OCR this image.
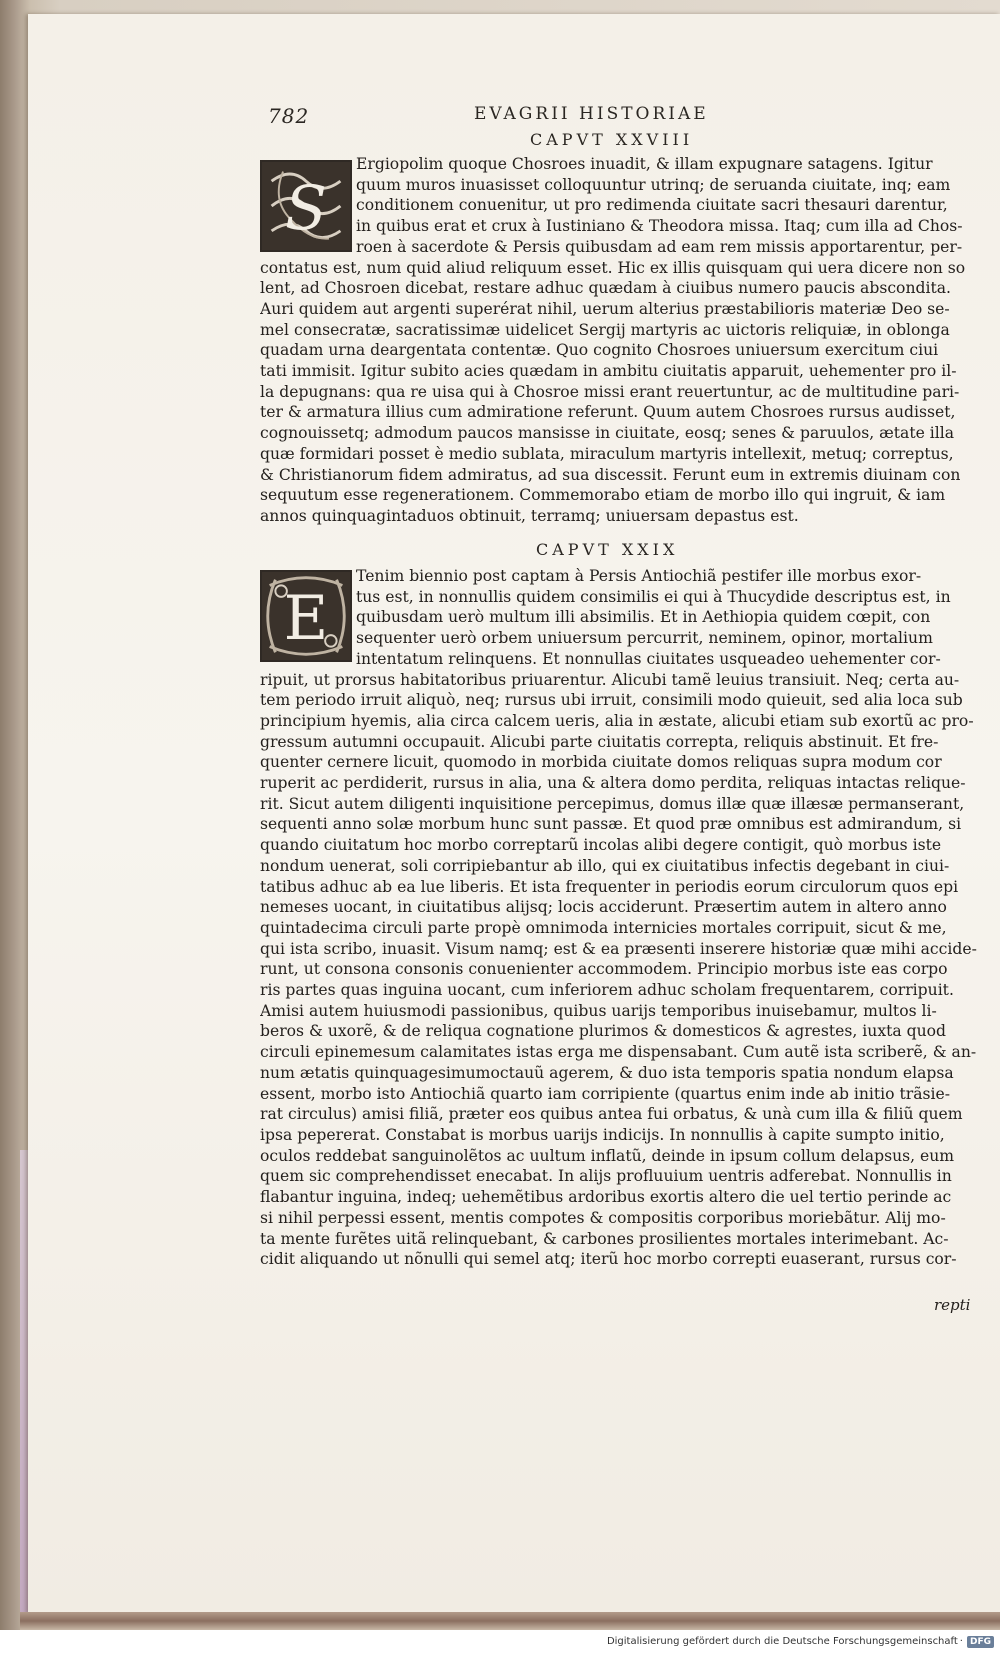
782	EVAGRII HISTORIAE
CAPVT XXVIII
S
Ergiopolim quoque Chosroes inuadit, & illam expugnare satagens. Igitur
quum muros inuasisset colloquuntur utrinq; de seruanda ciuitate, inq; eam
conditionem conuenitur, ut pro redimenda ciuitate sacri thesauri darentur,
in quibus erat et crux à Iustiniano & Theodora missa. Itaq; cum illa ad Chos-
roen à sacerdote & Persis quibusdam ad eam rem missis apportarentur, per-
contatus est, num quid aliud reliquum esset. Hic ex illis quisquam qui uera dicere non so
lent, ad Chosroen dicebat, restare adhuc quædam à ciuibus numero paucis abscondita.
Auri quidem aut argenti superérat nihil, uerum alterius præstabilioris materiæ Deo se-
mel consecratæ, sacratissimæ uidelicet Sergij martyris ac uictoris reliquiæ, in oblonga
quadam urna deargentata contentæ. Quo cognito Chosroes uniuersum exercitum ciui
tati immisit. Igitur subito acies quædam in ambitu ciuitatis apparuit, uehementer pro il-
la depugnans: qua re uisa qui à Chosroe missi erant reuertuntur, ac de multitudine pari-
ter & armatura illius cum admiratione referunt. Quum autem Chosroes rursus audisset,
cognouissetq; admodum paucos mansisse in ciuitate, eosq; senes & paruulos, ætate illa
quæ formidari posset è medio sublata, miraculum martyris intellexit, metuq; correptus,
& Christianorum fidem admiratus, ad sua discessit. Ferunt eum in extremis diuinam con
sequutum esse regenerationem. Commemorabo etiam de morbo illo qui ingruit, & iam
annos quinquagintaduos obtinuit, terramq; uniuersam depastus est.
CAPVT XXIX
E
Tenim biennio post captam à Persis Antiochiã pestifer ille morbus exor-
tus est, in nonnullis quidem consimilis ei qui à Thucydide descriptus est, in
quibusdam uerò multum illi absimilis. Et in Aethiopia quidem cœpit, con
sequenter uerò orbem uniuersum percurrit, neminem, opinor, mortalium
intentatum relinquens. Et nonnullas ciuitates usqueadeo uehementer cor-
ripuit, ut prorsus habitatoribus priuarentur. Alicubi tamẽ leuius transiuit. Neq; certa au-
tem periodo irruit aliquò, neq; rursus ubi irruit, consimili modo quieuit, sed alia loca sub
principium hyemis, alia circa calcem ueris, alia in æstate, alicubi etiam sub exortũ ac pro-
gressum autumni occupauit. Alicubi parte ciuitatis correpta, reliquis abstinuit. Et fre-
quenter cernere licuit, quomodo in morbida ciuitate domos reliquas supra modum cor
ruperit ac perdiderit, rursus in alia, una & altera domo perdita, reliquas intactas relique-
rit. Sicut autem diligenti inquisitione percepimus, domus illæ quæ illæsæ permanserant,
sequenti anno solæ morbum hunc sunt passæ. Et quod præ omnibus est admirandum, si
quando ciuitatum hoc morbo correptarũ incolas alibi degere contigit, quò morbus iste
nondum uenerat, soli corripiebantur ab illo, qui ex ciuitatibus infectis degebant in ciui-
tatibus adhuc ab ea lue liberis. Et ista frequenter in periodis eorum circulorum quos epi
nemeses uocant, in ciuitatibus alijsq; locis acciderunt. Præsertim autem in altero anno
quintadecima circuli parte propè omnimoda internicies mortales corripuit, sicut & me,
qui ista scribo, inuasit. Visum namq; est & ea præsenti inserere historiæ quæ mihi accide-
runt, ut consona consonis conuenienter accommodem. Principio morbus iste eas corpo
ris partes quas inguina uocant, cum inferiorem adhuc scholam frequentarem, corripuit.
Amisi autem huiusmodi passionibus, quibus uarijs temporibus inuisebamur, multos li-
beros & uxorẽ, & de reliqua cognatione plurimos & domesticos & agrestes, iuxta quod
circuli epinemesum calamitates istas erga me dispensabant. Cum autẽ ista scriberẽ, & an-
num ætatis quinquagesimumoctauũ agerem, & duo ista temporis spatia nondum elapsa
essent, morbo isto Antiochiã quarto iam corripiente (quartus enim inde ab initio trãsie-
rat circulus) amisi filiã, præter eos quibus antea fui orbatus, & unà cum illa & filiũ quem
ipsa pepererat. Constabat is morbus uarijs indicijs. In nonnullis à capite sumpto initio,
oculos reddebat sanguinolẽtos ac uultum inflatũ, deinde in ipsum collum delapsus, eum
quem sic comprehendisset enecabat. In alijs profluuium uentris adferebat. Nonnullis in
flabantur inguina, indeq; uehemẽtibus ardoribus exortis altero die uel tertio perinde ac
si nihil perpessi essent, mentis compotes & compositis corporibus moriebãtur. Alij mo-
ta mente furẽtes uitã relinquebant, & carbones prosilientes mortales interimebant. Ac-
cidit aliquando ut nõnulli qui semel atq; iterũ hoc morbo correpti euaserant, rursus cor-
repti
Digitalisierung gefördert durch die Deutsche Forschungsgemeinschaft · DFG
